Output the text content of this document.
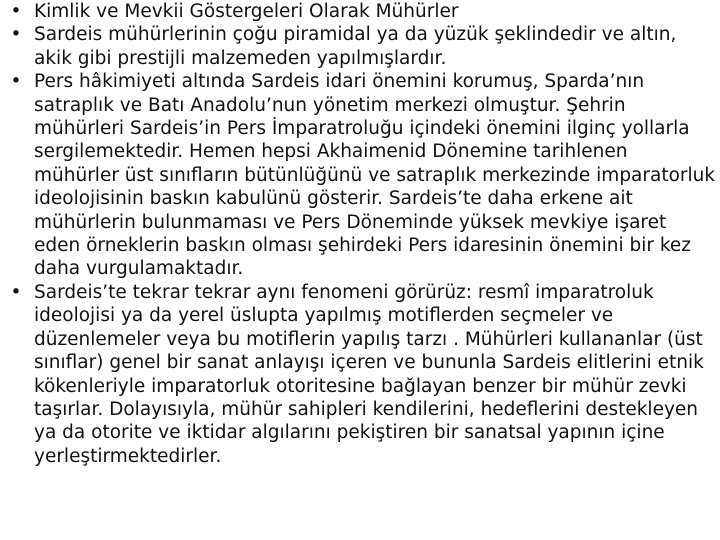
• Kimlik ve Mevkii Göstergeleri Olarak Mühürler
• Sardeis mühürlerinin çoğu piramidal ya da yüzük şeklindedir ve altın, akik gibi prestijli malzemeden yapılmışlardır.
• Pers hâkimiyeti altında Sardeis idari önemini korumuş, Sparda’nın satraplık ve Batı Anadolu’nun yönetim merkezi olmuştur. Şehrin mühürleri Sardeis’in Pers İmparatroluğu içindeki önemini ilginç yollarla sergilemektedir. Hemen hepsi Akhaimenid Dönemine tarihlenen mühürler üst sınıfların bütünlüğünü ve satraplık merkezinde imparatorluk ideolojisinin baskın kabulünü gösterir. Sardeis’te daha erkene ait mühürlerin bulunmaması ve Pers Döneminde yüksek mevkiye işaret eden örneklerin baskın olması şehirdeki Pers idaresinin önemini bir kez daha vurgulamaktadır.
• Sardeis’te tekrar tekrar aynı fenomeni görürüz: resmî imparatroluk ideolojisi ya da yerel üslupta yapılmış motiflerden seçmeler ve düzenlemeler veya bu motiflerin yapılış tarzı . Mühürleri kullananlar (üst sınıflar) genel bir sanat anlayışı içeren ve bununla Sardeis elitlerini etnik kökenleriyle imparatorluk otoritesine bağlayan benzer bir mühür zevki taşırlar. Dolayısıyla, mühür sahipleri kendilerini, hedeflerini destekleyen ya da otorite ve iktidar algılarını pekiştiren bir sanatsal yapının içine yerleştirmektedirler.
